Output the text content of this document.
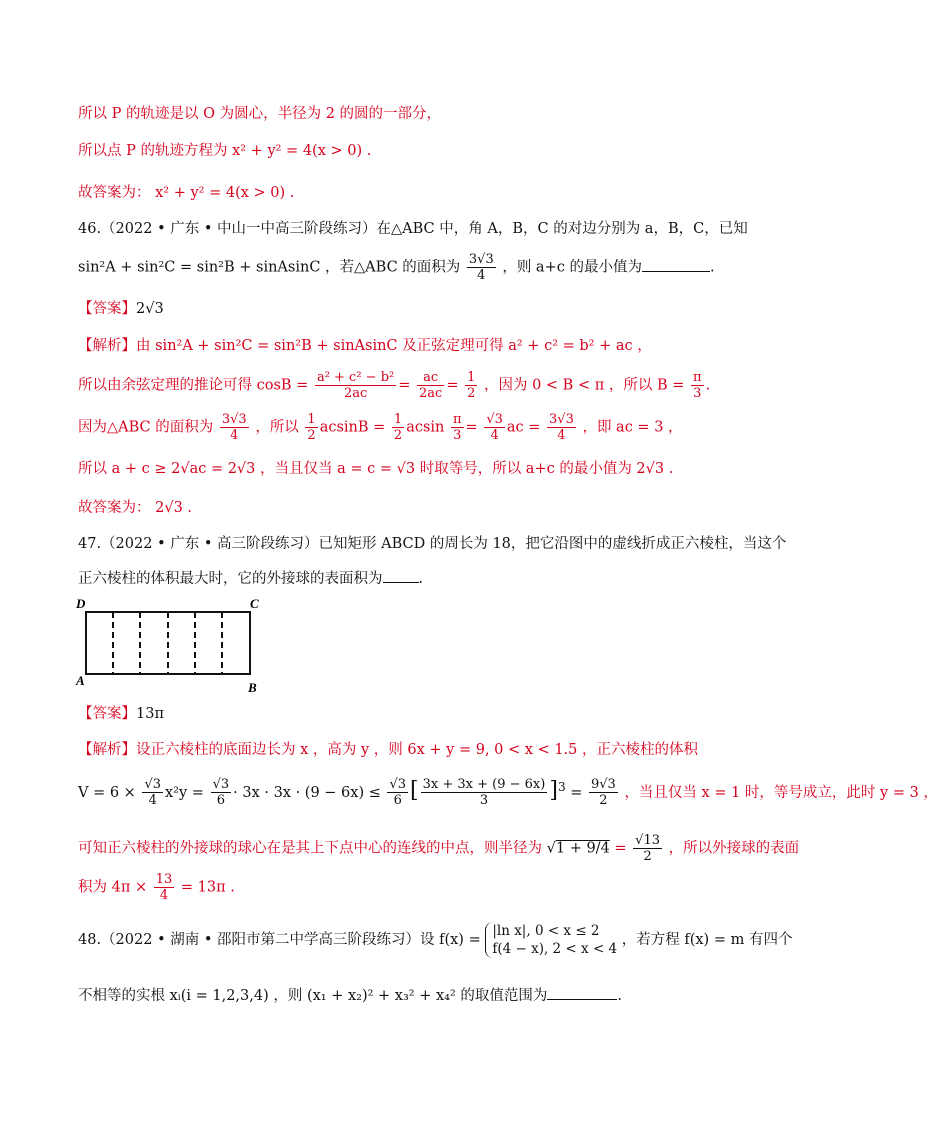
所以 P 的轨迹是以 O 为圆心，半径为 2 的圆的一部分，
所以点 P 的轨迹方程为 x² + y² = 4(x > 0) .
故答案为： x² + y² = 4(x > 0) .
46.（2022 • 广东 • 中山一中高三阶段练习）在△ABC 中，角 A，B，C 的对边分别为 a，B，C，已知
sin²A + sin²C = sin²B + sinAsinC ，若△ABC 的面积为 $\frac{3√3}{4}$ ，则 a+c 的最小值为	.
【答案】2√3
【解析】由 sin²A + sin²C = sin²B + sinAsinC 及正弦定理可得 a² + c² = b² + ac ，
所以由余弦定理的推论可得 $\cos B = \frac{\text{a² + c² − b²}}{2ac} = \frac{ac}{2ac} = \frac{1}{2}$ ，因为 0 < B < π ，所以 $B = \frac{\pi}{3}$ .
因为△ABC 的面积为 $\frac{3√3}{4}$ ，所以 $\frac{1}{2}$ $acsinB = \frac{1}{2}$ acsin $\frac{\pi}{3} = \frac{√3}{4}$ ac = $\frac{3√3}{4}$ ，即 ac = 3 ，
所以 a + c ≥ 2√ac = 2√3 ，当且仅当 a = c = √3 时取等号，所以 a+c 的最小值为 2√3 .
故答案为： 2√3 .
47.（2022 • 广东 • 高三阶段练习）已知矩形 ABCD 的周长为 18，把它沿图中的虚线折成正六棱柱，当这个
正六棱柱的体积最大时，它的外接球的表面积为 .
D	C
A	B
【答案】13π
【解析】设正六棱柱的底面边长为 x ，高为 y ，则 6x + y = 9, 0 < x < 1.5 ，正六棱柱的体积
$V = 6 \times \frac{√3}{4} x^2y = \frac{√3}{6} \cdot 3x \cdot 3x \cdot (9 - 6x) \le \frac{√3}{6}$ [ $\frac{3x + 3x + (9 - 6x)}{3} ]^3 = \frac{9√3}{2}$ ，当且仅当 x = 1 时，等号成立，此时 y = 3 ，
可知正六棱柱的外接球的球心在是其上下点中心的连线的中点，则半径为 $√1 + 9/4 = \frac{√13}{2}$ ，所以外接球的表面
积为 $4\pi \times \frac{13}{4} = 13\pi$ .
48.（2022 • 湖南 • 邵阳市第二中学高三阶段练习）设 f(x) =
|ln x|, 0 < x ≤ 2
f(4 − x), 2 < x < 4
，若方程 f(x) = m 有四个
不相等的实根 xᵢ(i = 1,2,3,4) ，则 (x₁ + x₂)² + x₃² + x₄² 的取值范围为	.
